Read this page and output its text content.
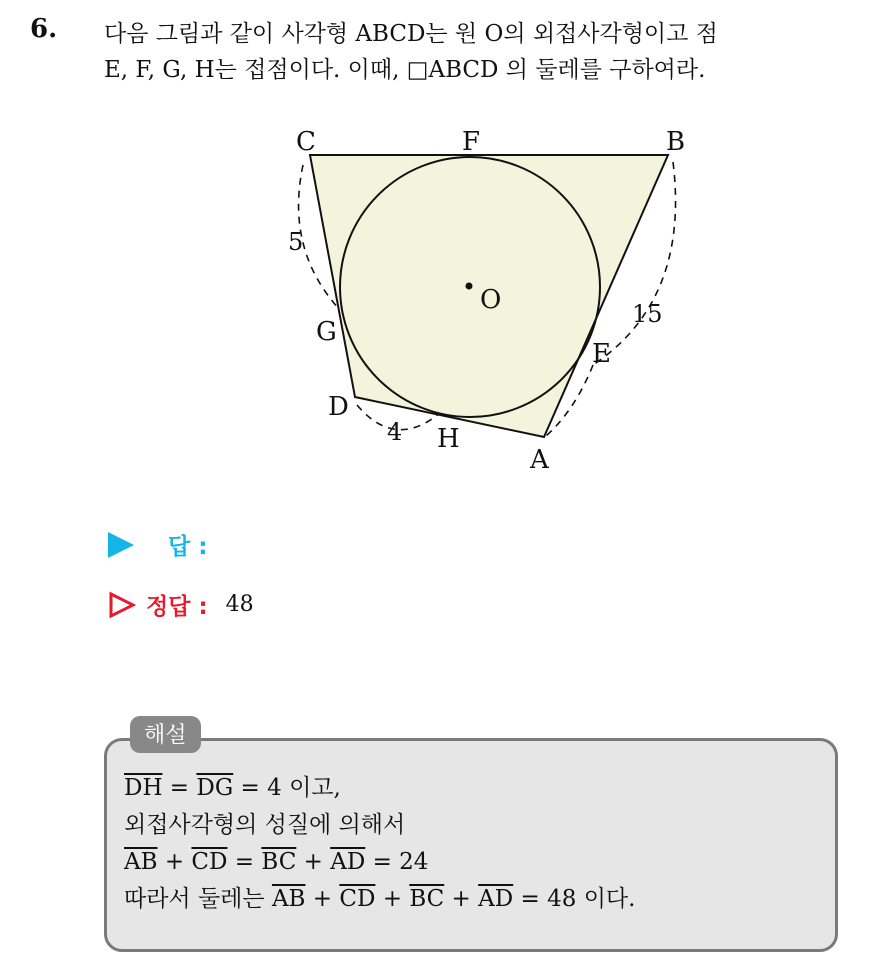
6. 다음 그림과 같이 사각형 ABCD는 원 O의 외접사각형이고 점
E, F, G, H는 접점이다. 이때, □ABCD 의 둘레를 구하여라.
C	F	B
O
G
E
D
H
A
5
15
4
답 :
정답 : 48
해설
$\overline{DH} = \overline{DG} = 4$ 이고,
외접사각형의 성질에 의해서
$\overline{AB} + \overline{CD} = \overline{BC} + \overline{AD} = 24$
따라서 둘레는 $\overline{AB} + \overline{CD} + \overline{BC} + \overline{AD} = 48$ 이다.
